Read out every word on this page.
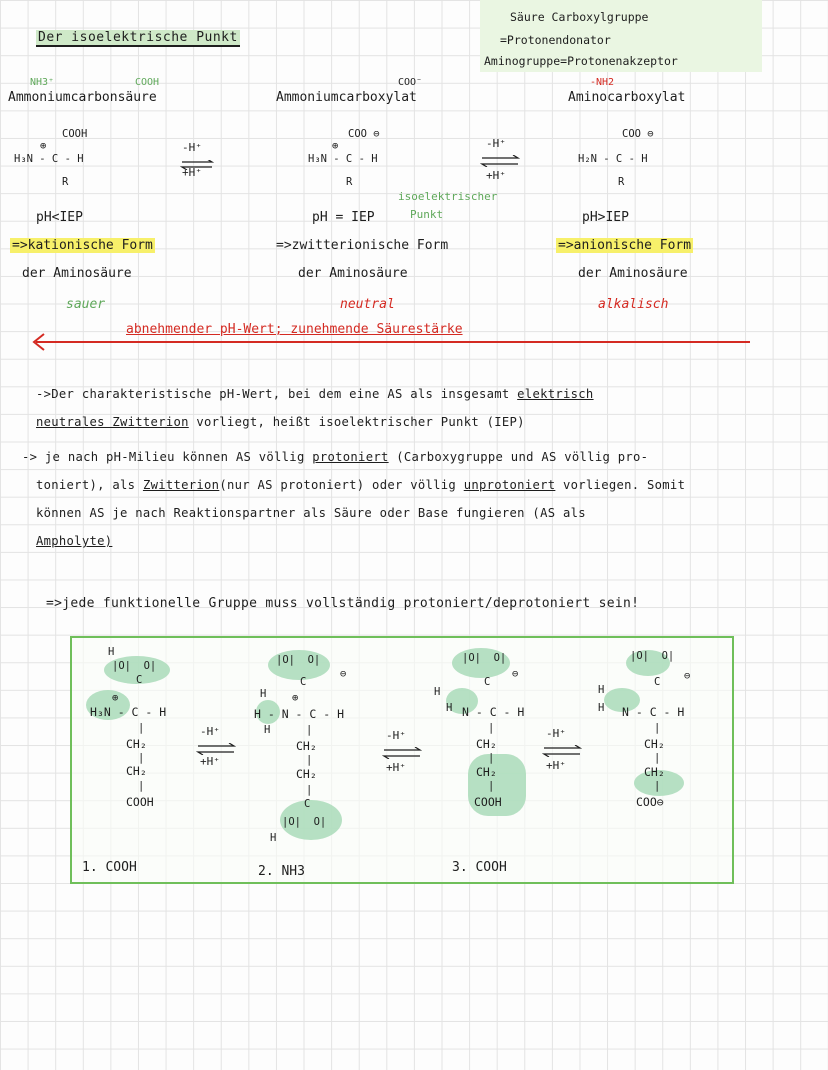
Der isoelektrische Punkt
Säure Carboxylgruppe
=Protonendonator
Aminogruppe=Protonenakzeptor
NH3⁺	COOH
Ammoniumcarbonsäure
COOH
⊕
H₃N - C - H
R
-H⁺
+H⁺
pH<IEP
=>kationische Form
der Aminosäure
sauer
COO⁻
Ammoniumcarboxylat
COO ⊖
⊕
H₃N - C - H
R
-H⁺
+H⁺
isoelektrischer
Punkt
pH = IEP
=>zwitterionische Form
der Aminosäure
neutral
-NH2
Aminocarboxylat
COO ⊖
H₂N - C - H
R
pH>IEP
=>anionische Form
der Aminosäure
alkalisch
abnehmender pH-Wert; zunehmende Säurestärke
->Der charakteristische pH-Wert, bei dem eine AS als insgesamt elektrisch
neutrales Zwitterion vorliegt, heißt isoelektrischer Punkt (IEP)
-> je nach pH-Milieu können AS völlig protoniert (Carboxygruppe und AS völlig pro-
toniert), als Zwitterion(nur AS protoniert) oder völlig unprotoniert vorliegen. Somit
können AS je nach Reaktionspartner als Säure oder Base fungieren (AS als
Ampholyte)
=>jede funktionelle Gruppe muss vollständig protoniert/deprotoniert sein!
H
|O|  O|
C
⊕
H₃N - C - H
|
CH₂
|
CH₂
|
COOH
1. COOH
-H⁺
+H⁺
|O|  O|
⊖
C
H ⊕
H - N - C - H
H	|
CH₂
|
CH₂
|
C
|O|  O|
H
2. NH3
-H⁺
+H⁺
|O|  O|
⊖
C
H
H N - C - H
|
CH₂
|
CH₂
|
COOH
3. COOH
-H⁺
+H⁺
|O|  O|
⊖
C
H
H N - C - H
|
CH₂
|
CH₂
|
COO⊖
